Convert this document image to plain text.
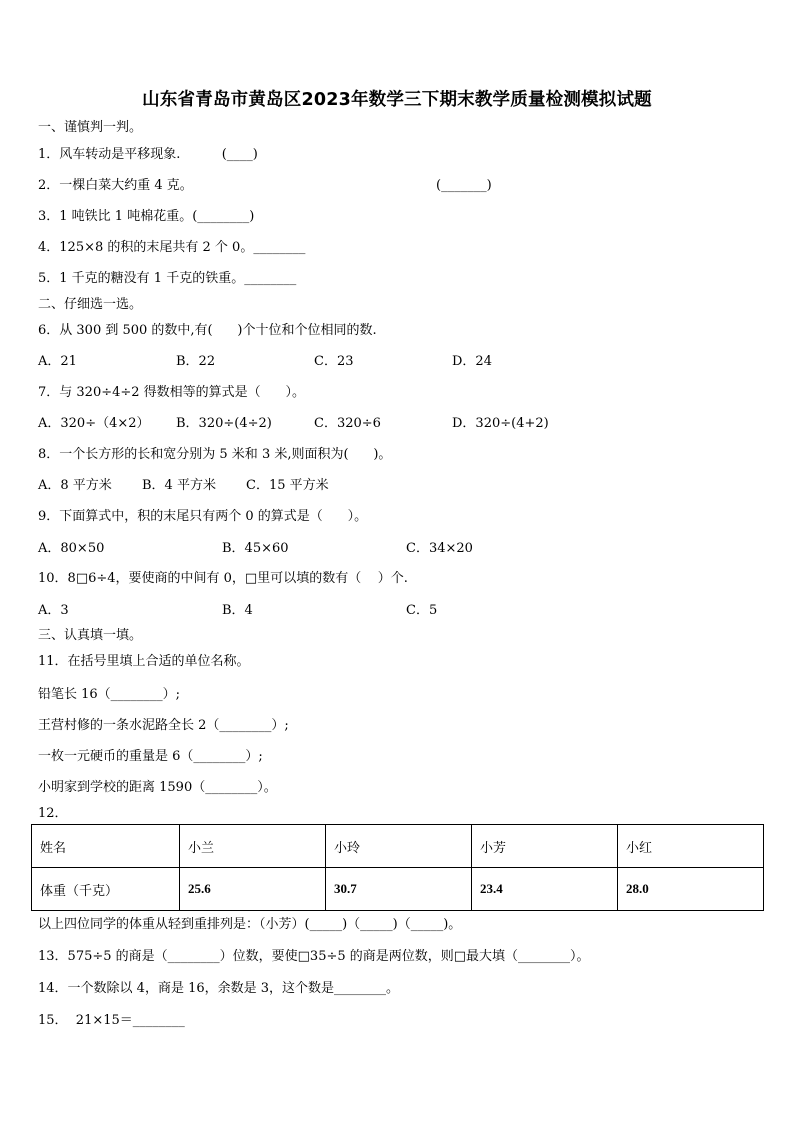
山东省青岛市黄岛区2023年数学三下期末教学质量检测模拟试题
一、谨慎判一判。
1．风车转动是平移现象.          (____)
2．一棵白菜大约重 4 克。	(_______)
3．1 吨铁比 1 吨棉花重。(________)
4．125×8 的积的末尾共有 2 个 0。________
5．1 千克的糖没有 1 千克的铁重。________
二、仔细选一选。
6．从 300 到 500 的数中,有(      )个十位和个位相同的数.
A．21	B．22	C．23	D．24
7．与 320÷4÷2 得数相等的算式是（      ）。
A．320÷（4×2） B．320÷(4÷2)	C．320÷6	D．320÷(4+2)
8．一个长方形的长和宽分别为 5 米和 3 米,则面积为(      )。
A．8 平方米 B．4 平方米 C．15 平方米
9．下面算式中，积的末尾只有两个 0 的算式是（      ）。
A．80×50	B．45×60	C．34×20
10．8□6÷4，要使商的中间有 0，□里可以填的数有（    ）个.
A．3	B．4	C．5
三、认真填一填。
11．在括号里填上合适的单位名称。
铅笔长 16（________）;
王营村修的一条水泥路全长 2（________）;
一枚一元硬币的重量是 6（________）;
小明家到学校的距离 1590（________）。
12．
姓名	小兰	小玲	小芳	小红
体重（千克）	25.6	30.7	23.4	28.0
以上四位同学的体重从轻到重排列是：（小芳）(_____)（_____)（_____)。
13．575÷5 的商是（________）位数，要使□35÷5 的商是两位数，则□最大填（________）。
14．一个数除以 4，商是 16，余数是 3，这个数是________。
15．  21×15＝________
